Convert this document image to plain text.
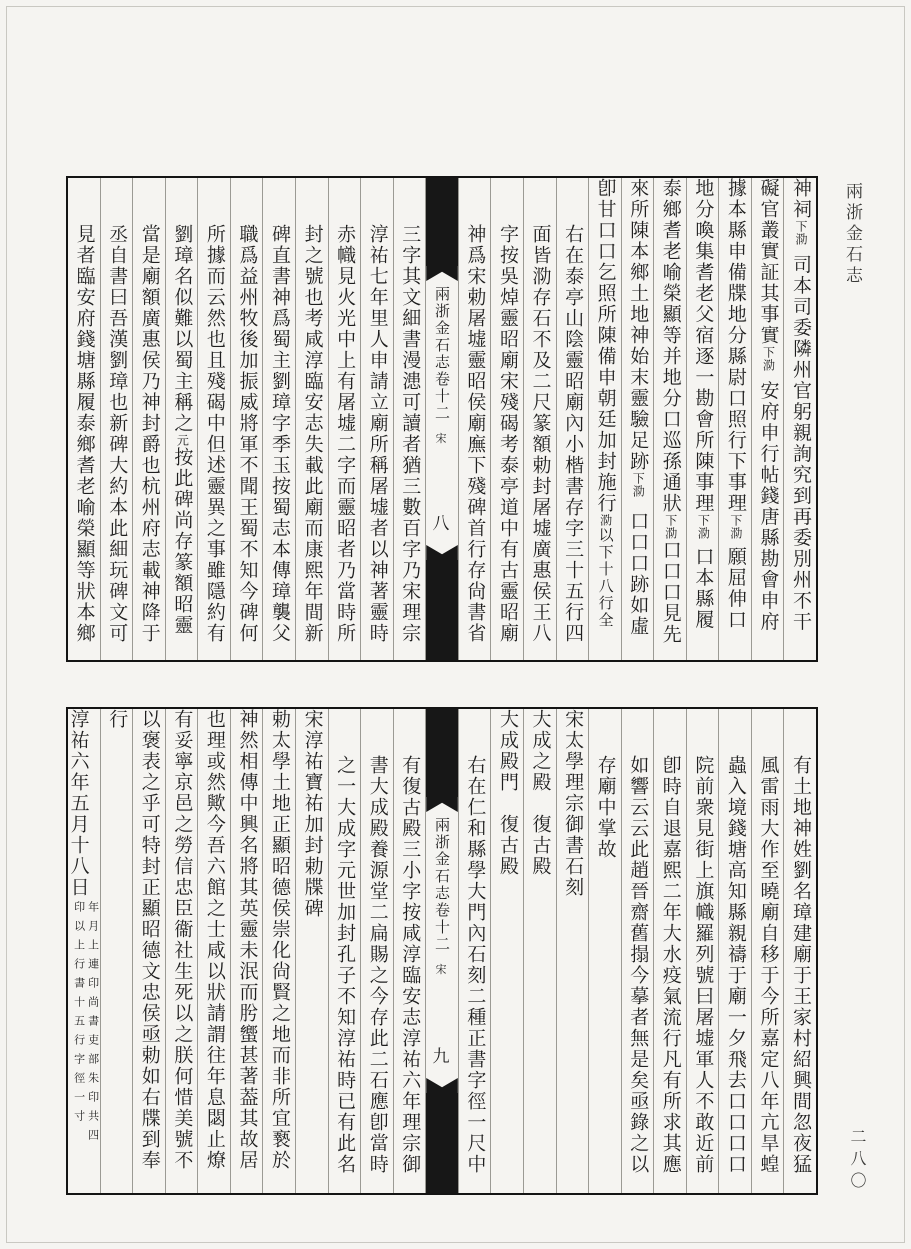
兩浙金石志
二八〇
神祠下泐司本司委隣州官躬親詢究到再委別州不干
礙官叢實証其事實下泐安府申行帖錢唐縣勘會申府
據本縣申備牒地分縣尉口照行下事理下泐願屈伸口
地分喚集耆老父宿逐一勘會所陳事理下泐口本縣履
泰鄉耆老喻榮顯等并地分口巡孫通狀下泐口口口見先
來所陳本鄉土地神始末靈驗足跡下泐口口口跡如虛
卽甘口口乞照所陳備申朝廷加封施行泐以下十八行全
右在泰亭山陰靈昭廟內小楷書存字三十五行四
面皆泐存石不及二尺篆額勅封屠墟廣惠侯王八
字按吳焯靈昭廟宋殘碣考泰亭道中有古靈昭廟
神爲宋勅屠墟靈昭侯廟廡下殘碑首行存尙書省
兩浙金石志卷十二
宋
八
三字其文細書漫漶可讀者猶三數百字乃宋理宗
淳祐七年里人申請立廟所稱屠墟者以神著靈時
赤幟見火光中上有屠墟二字而靈昭者乃當時所
封之號也考咸淳臨安志失載此廟而康熙年間新
碑直書神爲蜀主劉璋字季玉按蜀志本傳璋襲父
職爲益州牧後加振威將軍不聞王蜀不知今碑何
所據而云然也且殘碣中但述靈異之事雖隱約有
劉璋名似難以蜀主稱之元按此碑尚存篆額昭靈
當是廟額廣惠侯乃神封爵也杭州府志載神降于
丞自書曰吾漢劉璋也新碑大約本此細玩碑文可
見者臨安府錢塘縣履泰鄉耆老喻榮顯等狀本鄉
有土地神姓劉名璋建廟于王家村紹興間忽夜猛
風雷雨大作至曉廟自移于今所嘉定八年亢旱蝗
蟲入境錢塘高知縣親禱于廟一夕飛去口口口口
院前衆見街上旗幟羅列號曰屠墟軍人不敢近前
卽時自退嘉熙二年大水疫氣流行凡有所求其應
如響云云此趙晉齋舊搨今摹者無是矣亟錄之以
存廟中掌故
宋太學理宗御書石刻
大成之殿復古殿
大成殿門復古殿
右在仁和縣學大門內石刻二種正書字徑一尺中
兩浙金石志卷十二
宋
九
有復古殿三小字按咸淳臨安志淳祐六年理宗御
書大成殿養源堂二扁賜之今存此二石應卽當時
之一大成字元世加封孔子不知淳祐時已有此名
宋淳祐寶祐加封勅牒碑
勅太學土地正顯昭德侯崇化尙賢之地而非所宜䙝於
神然相傳中興名將其英靈未泯而肹蠁甚著葢其故居
也理或然歟今吾六館之士咸以狀請謂往年息閟止燎
有妥寧京邑之勞信忠臣衞社生死以之朕何惜美號不
以褒表之乎可特封正顯昭德文忠侯亟勅如右牒到奉
行
淳祐六年五月十八日
年月上連印尚書吏部朱印共四
印以上行書十五行字徑一寸
